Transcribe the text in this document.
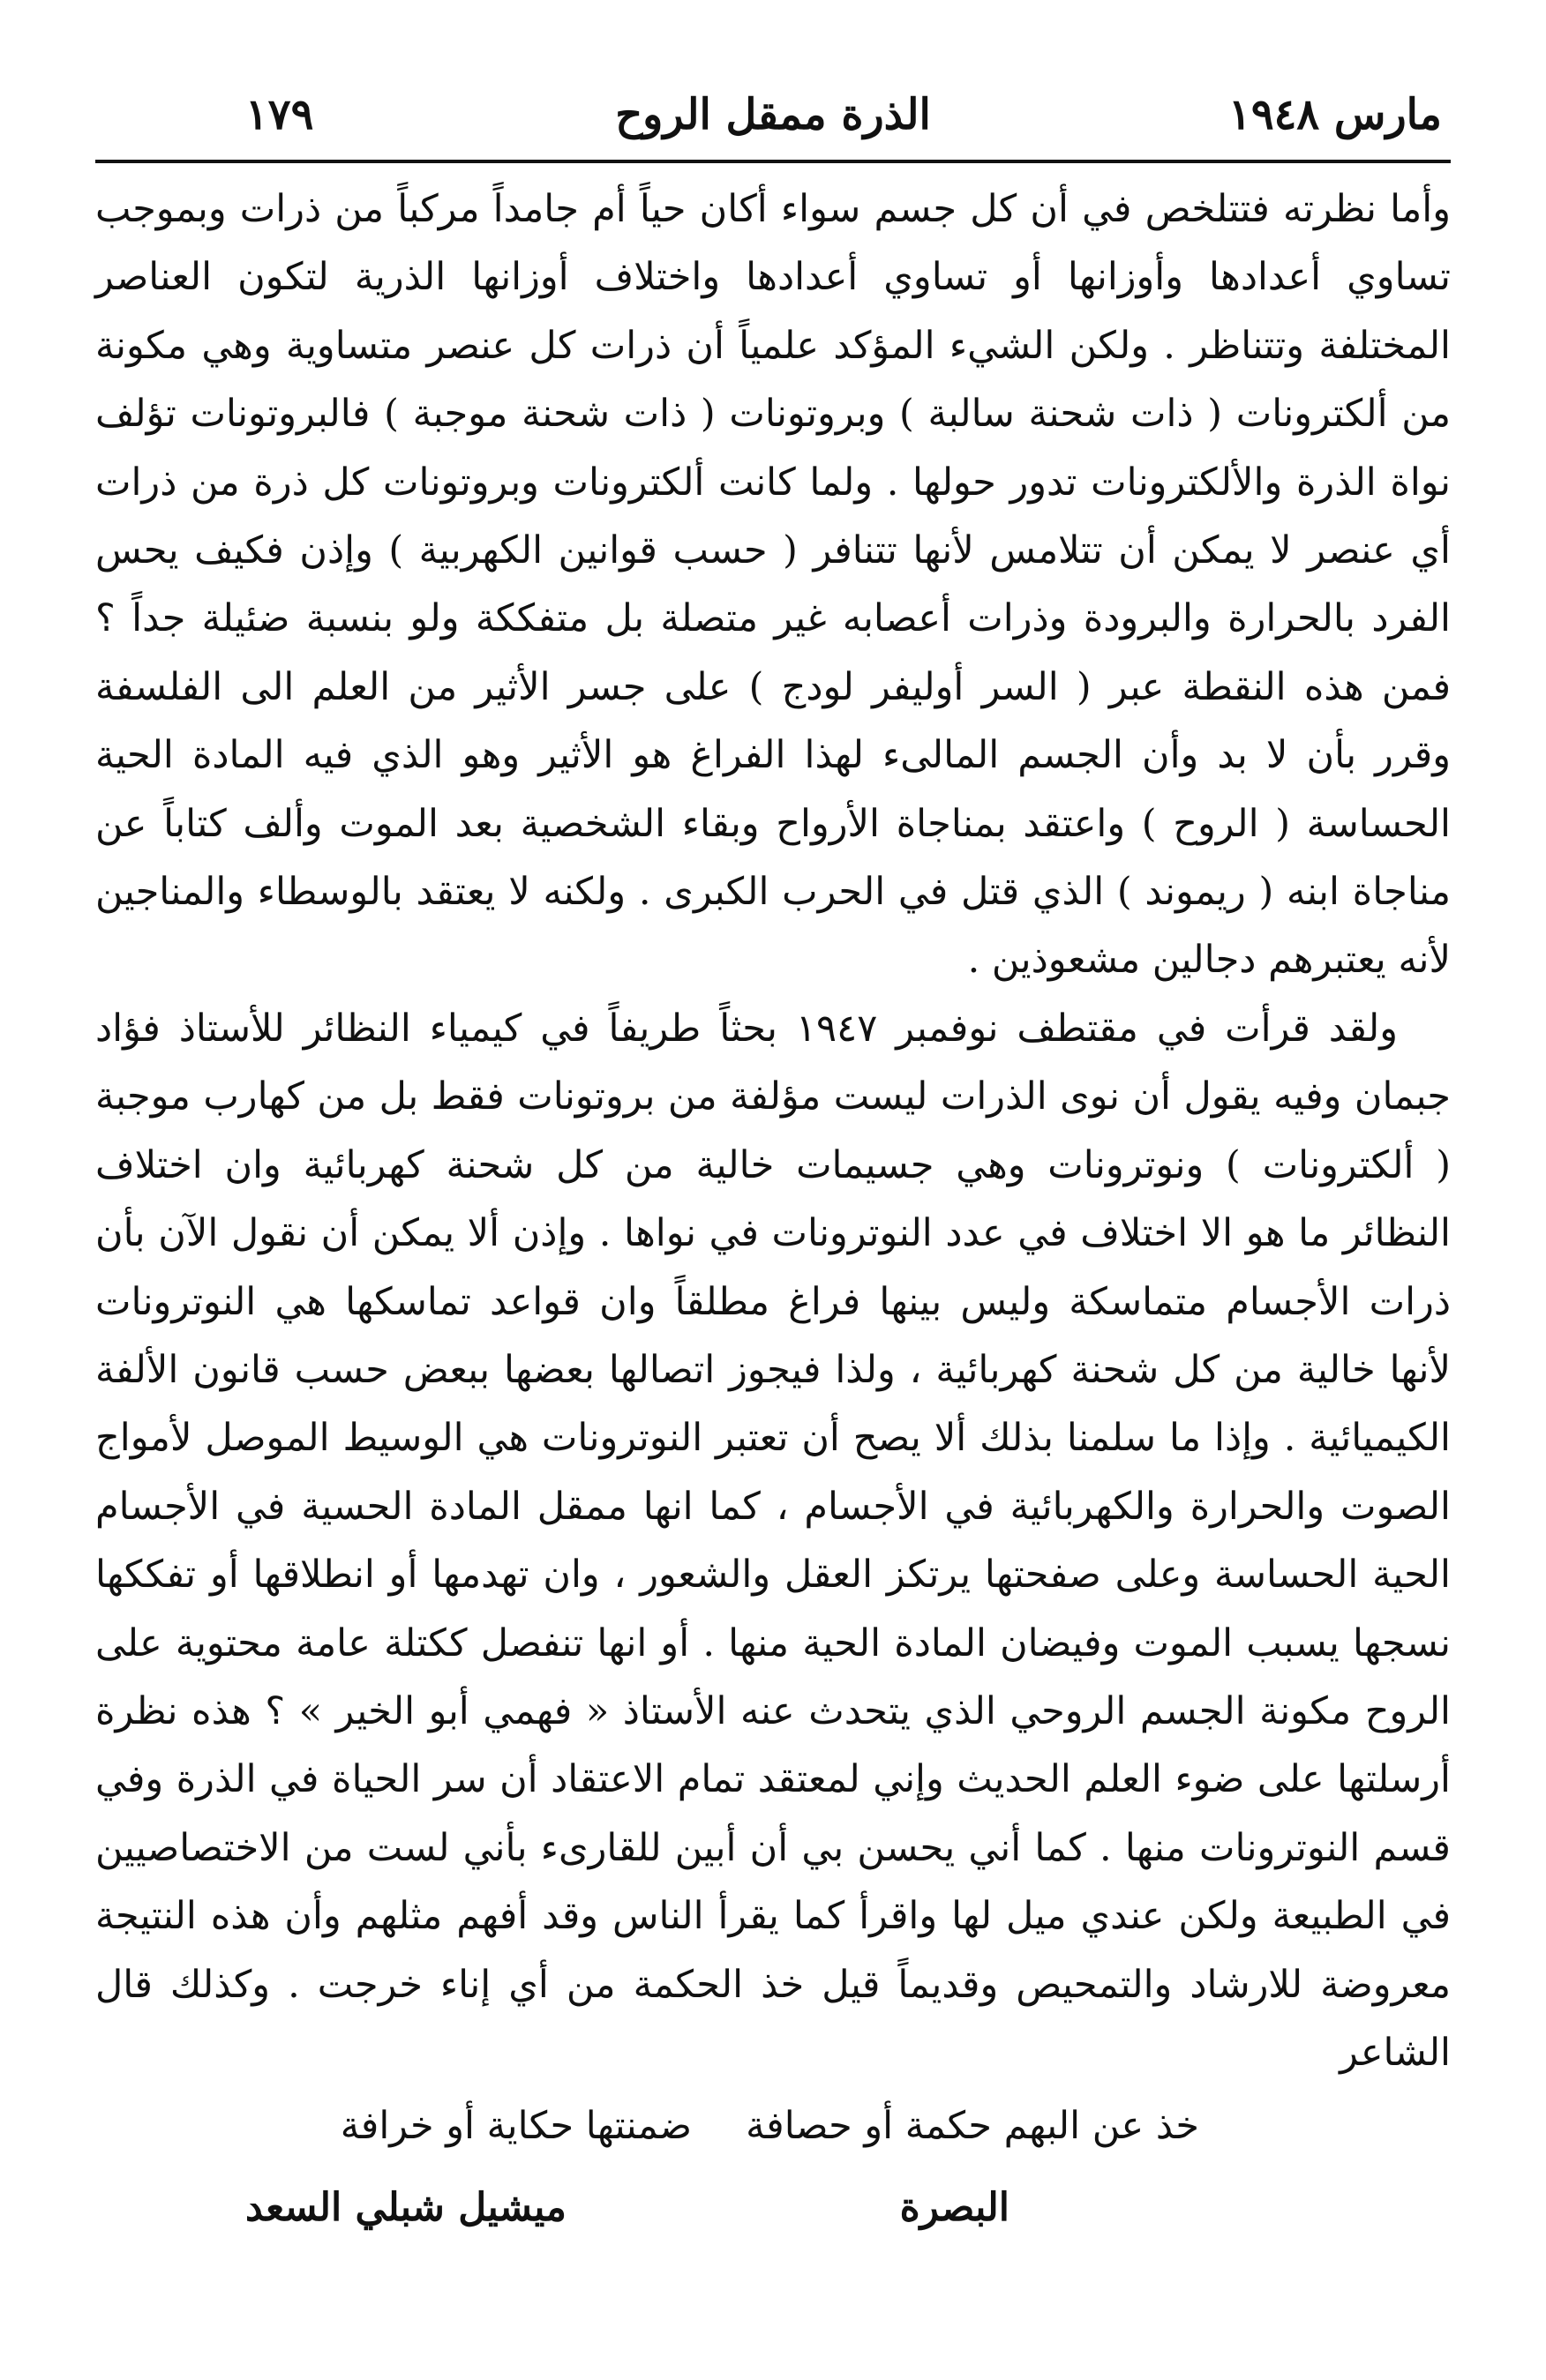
مارس ١٩٤٨
الذرة ممقل الروح
١٧٩

وأما نظرته فتتلخص في أن كل جسم سواء أكان حياً أم جامداً مركباً من ذرات وبموجب تساوي أعدادها وأوزانها أو تساوي أعدادها واختلاف أوزانها الذرية لتكون العناصر المختلفة وتتناظر . ولكن الشيء المؤكد علمياً أن ذرات كل عنصر متساوية وهي مكونة من ألكترونات ( ذات شحنة سالبة ) وبروتونات ( ذات شحنة موجبة ) فالبروتونات تؤلف نواة الذرة والألكترونات تدور حولها . ولما كانت ألكترونات وبروتونات كل ذرة من ذرات أي عنصر لا يمكن أن تتلامس لأنها تتنافر ( حسب قوانين الكهربية ) وإذن فكيف يحس الفرد بالحرارة والبرودة وذرات أعصابه غير متصلة بل متفككة ولو بنسبة ضئيلة جداً ؟ فمن هذه النقطة عبر ( السر أوليفر لودج ) على جسر الأثير من العلم الى الفلسفة وقرر بأن لا بد وأن الجسم المالىء لهذا الفراغ هو الأثير وهو الذي فيه المادة الحية الحساسة ( الروح ) واعتقد بمناجاة الأرواح وبقاء الشخصية بعد الموت وألف كتاباً عن مناجاة ابنه ( ريموند ) الذي قتل في الحرب الكبرى . ولكنه لا يعتقد بالوسطاء والمناجين لأنه يعتبرهم دجالين مشعوذين .

ولقد قرأت في مقتطف نوفمبر ١٩٤٧ بحثاً طريفاً في كيمياء النظائر للأستاذ فؤاد جبمان وفيه يقول أن نوى الذرات ليست مؤلفة من بروتونات فقط بل من كهارب موجبة ( ألكترونات ) ونوترونات وهي جسيمات خالية من كل شحنة كهربائية وان اختلاف النظائر ما هو الا اختلاف في عدد النوترونات في نواها . وإذن ألا يمكن أن نقول الآن بأن ذرات الأجسام متماسكة وليس بينها فراغ مطلقاً وان قواعد تماسكها هي النوترونات لأنها خالية من كل شحنة كهربائية ، ولذا فيجوز اتصالها بعضها ببعض حسب قانون الألفة الكيميائية . وإذا ما سلمنا بذلك ألا يصح أن تعتبر النوترونات هي الوسيط الموصل لأمواج الصوت والحرارة والكهربائية في الأجسام ، كما انها ممقل المادة الحسية في الأجسام الحية الحساسة وعلى صفحتها يرتكز العقل والشعور ، وان تهدمها أو انطلاقها أو تفككها نسجها يسبب الموت وفيضان المادة الحية منها . أو انها تنفصل ككتلة عامة محتوية على الروح مكونة الجسم الروحي الذي يتحدث عنه الأستاذ « فهمي أبو الخير » ؟ هذه نظرة أرسلتها على ضوء العلم الحديث وإني لمعتقد تمام الاعتقاد أن سر الحياة في الذرة وفي قسم النوترونات منها . كما أني يحسن بي أن أبين للقارىء بأني لست من الاختصاصيين في الطبيعة ولكن عندي ميل لها واقرأ كما يقرأ الناس وقد أفهم مثلهم وأن هذه النتيجة معروضة للارشاد والتمحيص وقديماً قيل خذ الحكمة من أي إناء خرجت . وكذلك قال الشاعر

خذ عن البهم حكمة أو حصافة
ضمنتها حكاية أو خرافة
البصرة
ميشيل شبلي السعد
